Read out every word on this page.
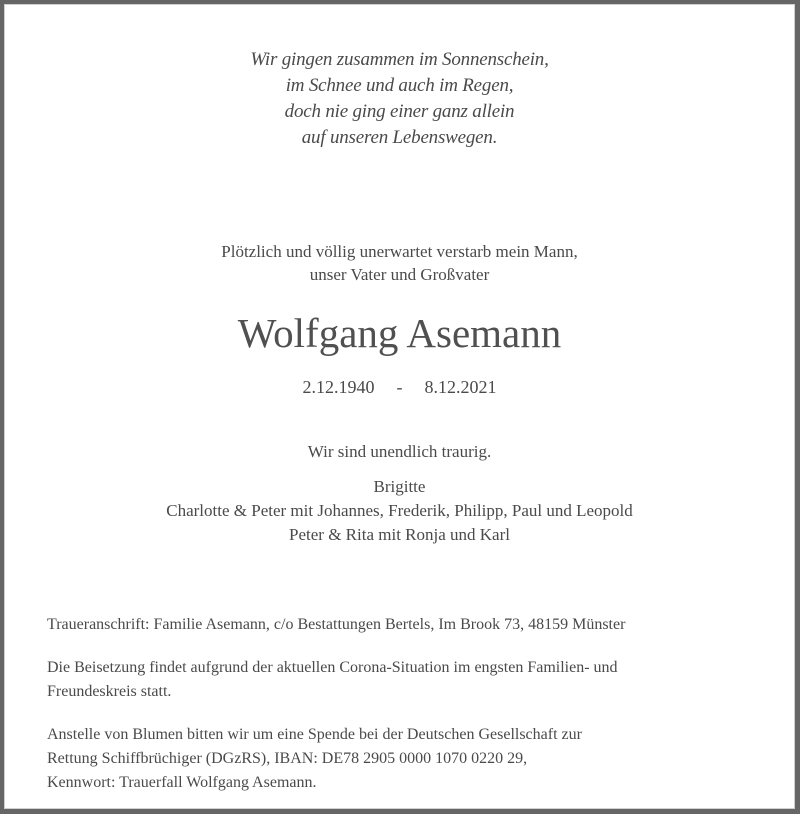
Wir gingen zusammen im Sonnenschein,
im Schnee und auch im Regen,
doch nie ging einer ganz allein
auf unseren Lebenswegen.
Plötzlich und völlig unerwartet verstarb mein Mann,
unser Vater und Großvater
Wolfgang Asemann
2.12.1940 - 8.12.2021
Wir sind unendlich traurig.
Brigitte
Charlotte & Peter mit Johannes, Frederik, Philipp, Paul und Leopold
Peter & Rita mit Ronja und Karl
Traueranschrift: Familie Asemann, c/o Bestattungen Bertels, Im Brook 73, 48159 Münster
Die Beisetzung findet aufgrund der aktuellen Corona-Situation im engsten Familien- und
Freundeskreis statt.
Anstelle von Blumen bitten wir um eine Spende bei der Deutschen Gesellschaft zur
Rettung Schiffbrüchiger (DGzRS), IBAN: DE78 2905 0000 1070 0220 29,
Kennwort: Trauerfall Wolfgang Asemann.
